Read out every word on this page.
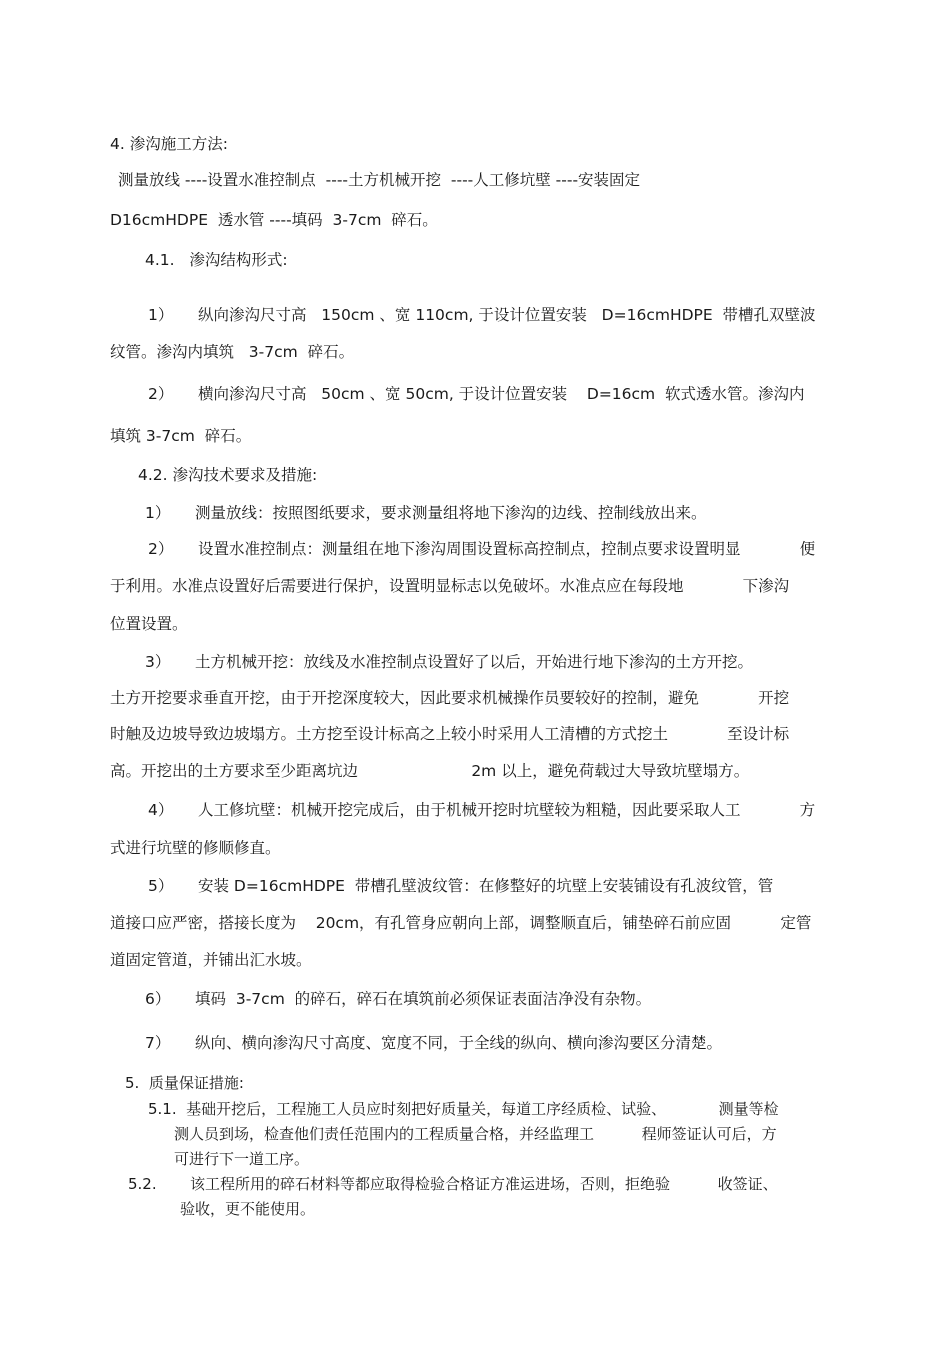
4. 渗沟施工方法:
测量放线 ----设置水准控制点  ----土方机械开挖  ----人工修坑壁 ----安装固定
D16cmHDPE  透水管 ----填码  3-7cm  碎石。
4.1.   渗沟结构形式:
1）     纵向渗沟尺寸高   150cm 、宽 110cm, 于设计位置安装   D=16cmHDPE  带槽孔双壁波
纹管。渗沟内填筑   3-7cm  碎石。
2）     横向渗沟尺寸高   50cm 、宽 50cm, 于设计位置安装    D=16cm  软式透水管。渗沟内
填筑 3-7cm  碎石。
4.2. 渗沟技术要求及措施:
1）     测量放线：按照图纸要求，要求测量组将地下渗沟的边线、控制线放出来。
2）     设置水准控制点：测量组在地下渗沟周围设置标高控制点，控制点要求设置明显            便
于利用。水准点设置好后需要进行保护，设置明显标志以免破坏。水准点应在每段地            下渗沟
位置设置。
3）     土方机械开挖：放线及水准控制点设置好了以后，开始进行地下渗沟的土方开挖。
土方开挖要求垂直开挖，由于开挖深度较大，因此要求机械操作员要较好的控制，避免            开挖
时触及边坡导致边坡塌方。土方挖至设计标高之上较小时采用人工清槽的方式挖土            至设计标
高。开挖出的土方要求至少距离坑边                       2m 以上，避免荷载过大导致坑壁塌方。
4）     人工修坑壁：机械开挖完成后，由于机械开挖时坑壁较为粗糙，因此要采取人工            方
式进行坑壁的修顺修直。
5）     安装 D=16cmHDPE  带槽孔壁波纹管：在修整好的坑壁上安装铺设有孔波纹管，管
道接口应严密，搭接长度为    20cm，有孔管身应朝向上部，调整顺直后，铺垫碎石前应固          定管
道固定管道，并铺出汇水坡。
6）     填码  3-7cm  的碎石，碎石在填筑前必须保证表面洁净没有杂物。
7）     纵向、横向渗沟尺寸高度、宽度不同，于全线的纵向、横向渗沟要区分清楚。
5.  质量保证措施:
5.1.  基础开挖后，工程施工人员应时刻把好质量关，每道工序经质检、试验、           测量等检
测人员到场，检查他们责任范围内的工程质量合格，并经监理工          程师签证认可后，方
可进行下一道工序。
5.2.       该工程所用的碎石材料等都应取得检验合格证方准运进场，否则，拒绝验          收签证、
验收，更不能使用。
